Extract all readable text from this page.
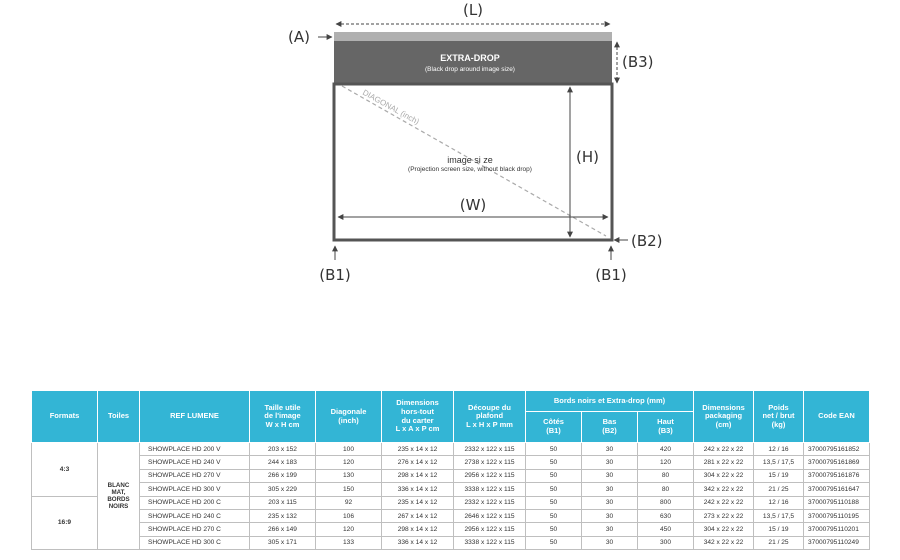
(L)
(A)
EXTRA-DROP
(Black drop around image size)
DIAGONAL (inch)
image si ze
(Projection screen size, without black drop)
(H)
(W)
(B3)
(B2)
(B1)	(B1)
Formats	Toiles	REF LUMENE	Taille utile
de l'image
W x H cm	Diagonale
(inch)	Dimensions
hors-tout
du carter
L x A x P cm	Découpe du
plafond
L x H x P mm	Bords noirs et Extra-drop (mm)			Dimensions
packaging
(cm)	Poids
net / brut
(kg)	Code EAN
							Côtés
(B1)	Bas
(B2)	Haut
(B3)			
4:3	BLANC MAT, BORDS NOIRS	SHOWPLACE HD 200 V	203 x 152	100	235 x 14 x 12	2332 x 122 x 115	50	30	420	242 x 22 x 22	12 / 16	37000795161852
		SHOWPLACE HD 240 V	244 x 183	120	276 x 14 x 12	2738 x 122 x 115	50	30	120	281 x 22 x 22	13,5 / 17,5	37000795161869
		SHOWPLACE HD 270 V	266 x 199	130	298 x 14 x 12	2956 x 122 x 115	50	30	80	304 x 22 x 22	15 / 19	37000795161876
		SHOWPLACE HD 300 V	305 x 229	150	336 x 14 x 12	3338 x 122 x 115	50	30	80	342 x 22 x 22	21 / 25	37000795161647
16:9		SHOWPLACE HD 200 C	203 x 115	92	235 x 14 x 12	2332 x 122 x 115	50	30	800	242 x 22 x 22	12 / 16	37000795110188
		SHOWPLACE HD 240 C	235 x 132	106	267 x 14 x 12	2646 x 122 x 115	50	30	630	273 x 22 x 22	13,5 / 17,5	37000795110195
		SHOWPLACE HD 270 C	266 x 149	120	298 x 14 x 12	2956 x 122 x 115	50	30	450	304 x 22 x 22	15 / 19	37000795110201
		SHOWPLACE HD 300 C	305 x 171	133	336 x 14 x 12	3338 x 122 x 115	50	30	300	342 x 22 x 22	21 / 25	37000795110249
